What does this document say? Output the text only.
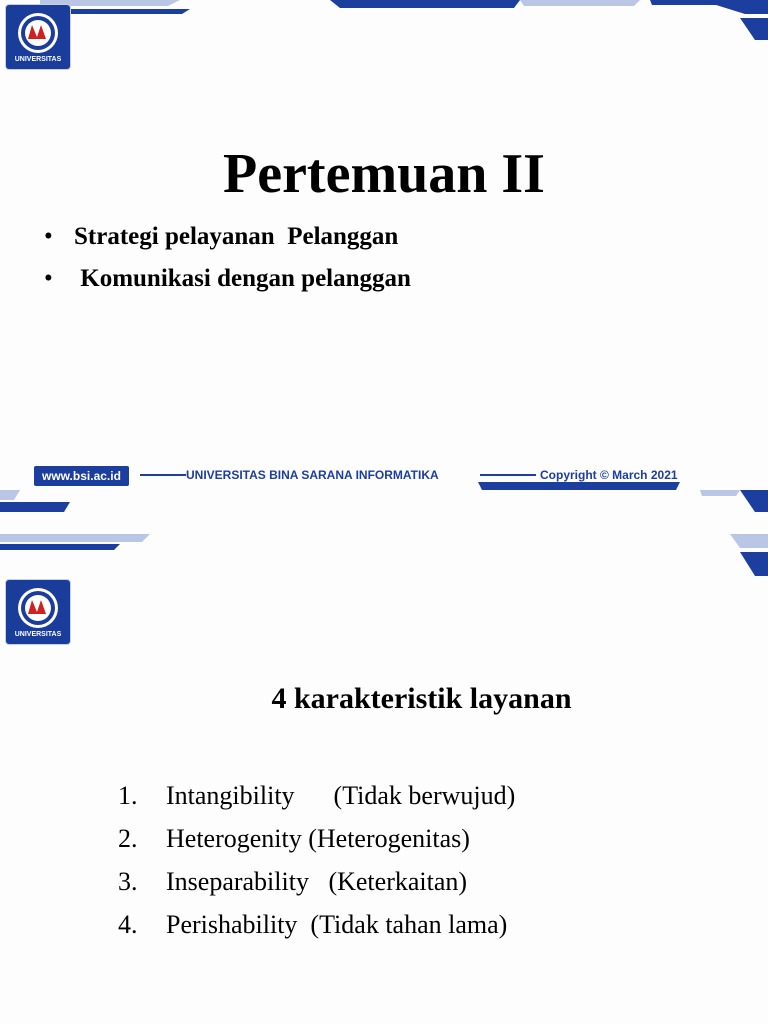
UNIVERSITAS
Pertemuan II
• Strategi pelayanan  Pelanggan
• Komunikasi dengan pelanggan
www.bsi.ac.id	UNIVERSITAS BINA SARANA INFORMATIKA	Copyright © March 2021
UNIVERSITAS
4 karakteristik layanan
1. Intangibility      (Tidak berwujud)
2. Heterogenity (Heterogenitas)
3. Inseparability   (Keterkaitan)
4. Perishability  (Tidak tahan lama)
